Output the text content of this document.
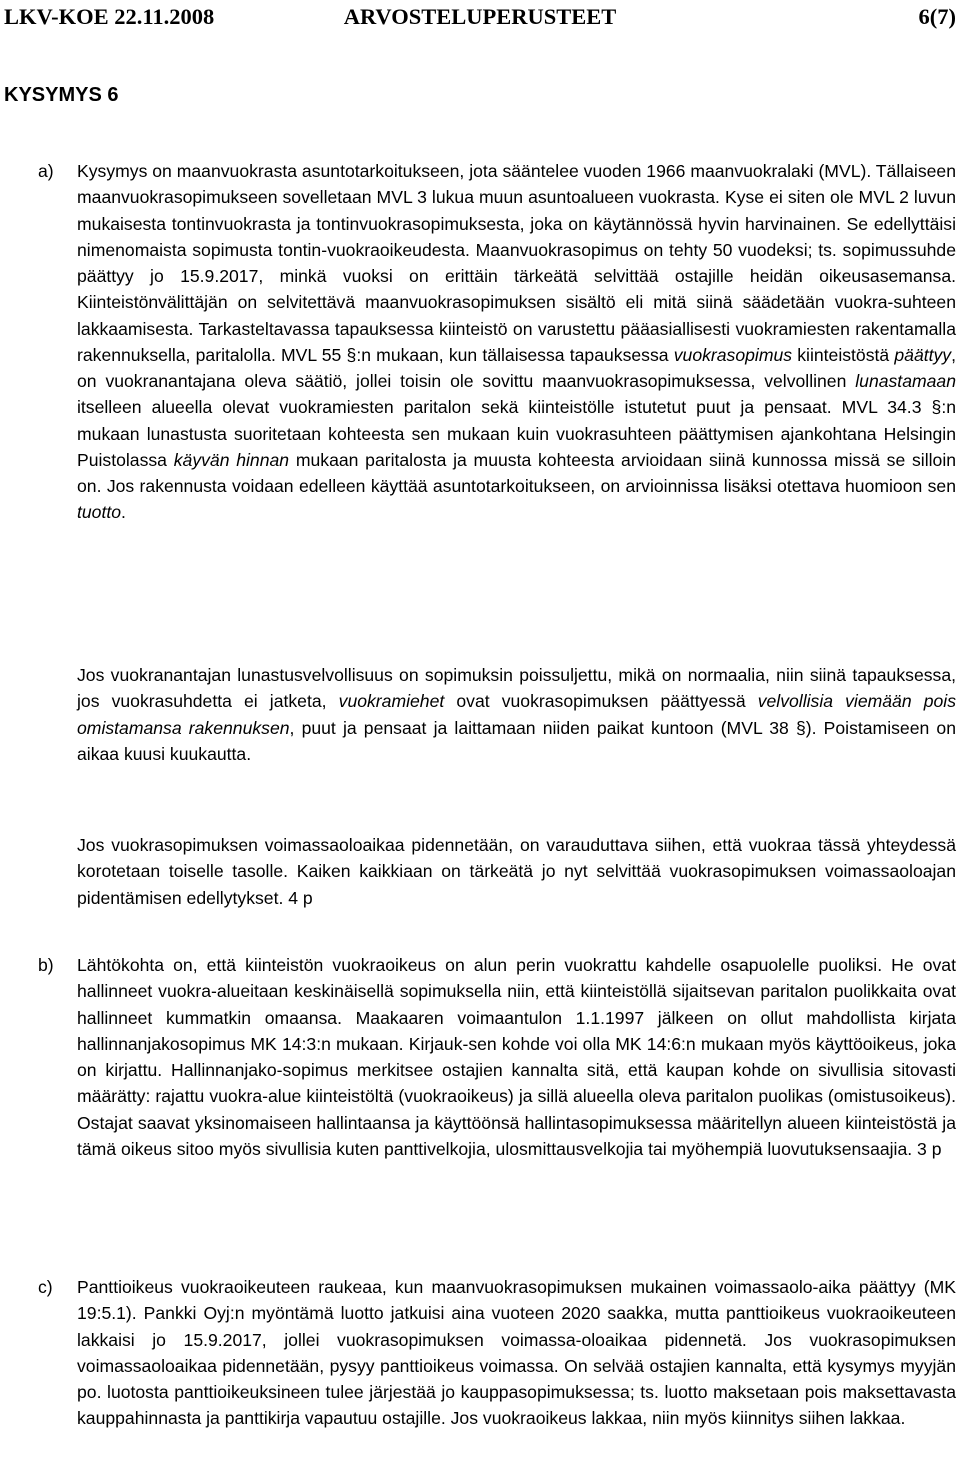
LKV-KOE 22.11.2008	ARVOSTELUPERUSTEET	6(7)
KYSYMYS 6
a) Kysymys on maanvuokrasta asuntotarkoitukseen, jota sääntelee vuoden 1966 maanvuokralaki (MVL). Tällaiseen maanvuokrasopimukseen sovelletaan MVL 3 lukua muun asuntoalueen vuokrasta. Kyse ei siten ole MVL 2 luvun mukaisesta tontinvuokrasta ja tontinvuokrasopimuksesta, joka on käytännössä hyvin harvinainen. Se edellyttäisi nimenomaista sopimusta tontin-vuokraoikeudesta. Maanvuokrasopimus on tehty 50 vuodeksi; ts. sopimussuhde päättyy jo 15.9.2017, minkä vuoksi on erittäin tärkeätä selvittää ostajille heidän oikeusasemansa. Kiinteistönvälittäjän on selvitettävä maanvuokrasopimuksen sisältö eli mitä siinä säädetään vuokra-suhteen lakkaamisesta. Tarkasteltavassa tapauksessa kiinteistö on varustettu pääasiallisesti vuokramiesten rakentamalla rakennuksella, paritalolla. MVL 55 §:n mukaan, kun tällaisessa tapauksessa vuokrasopimus kiinteistöstä päättyy, on vuokranantajana oleva säätiö, jollei toisin ole sovittu maanvuokrasopimuksessa, velvollinen lunastamaan itselleen alueella olevat vuokramiesten paritalon sekä kiinteistölle istutetut puut ja pensaat. MVL 34.3 §:n mukaan lunastusta suoritetaan kohteesta sen mukaan kuin vuokrasuhteen päättymisen ajankohtana Helsingin Puistolassa käyvän hinnan mukaan paritalosta ja muusta kohteesta arvioidaan siinä kunnossa missä se silloin on. Jos rakennusta voidaan edelleen käyttää asuntotarkoitukseen, on arvioinnissa lisäksi otettava huomioon sen tuotto.

Jos vuokranantajan lunastusvelvollisuus on sopimuksin poissuljettu, mikä on normaalia, niin siinä tapauksessa, jos vuokrasuhdetta ei jatketa, vuokramiehet ovat vuokrasopimuksen päättyessä velvollisia viemään pois omistamansa rakennuksen, puut ja pensaat ja laittamaan niiden paikat kuntoon (MVL 38 §). Poistamiseen on aikaa kuusi kuukautta.

Jos vuokrasopimuksen voimassaoloaikaa pidennetään, on varauduttava siihen, että vuokraa tässä yhteydessä korotetaan toiselle tasolle. Kaiken kaikkiaan on tärkeätä jo nyt selvittää vuokrasopimuksen voimassaoloajan pidentämisen edellytykset. 4 p

b) Lähtökohta on, että kiinteistön vuokraoikeus on alun perin vuokrattu kahdelle osapuolelle puoliksi. He ovat hallinneet vuokra-alueitaan keskinäisellä sopimuksella niin, että kiinteistöllä sijaitsevan paritalon puolikkaita ovat hallinneet kummatkin omaansa. Maakaaren voimaantulon 1.1.1997 jälkeen on ollut mahdollista kirjata hallinnanjakosopimus MK 14:3:n mukaan. Kirjauk-sen kohde voi olla MK 14:6:n mukaan myös käyttöoikeus, joka on kirjattu. Hallinnanjako-sopimus merkitsee ostajien kannalta sitä, että kaupan kohde on sivullisia sitovasti määrätty: rajattu vuokra-alue kiinteistöltä (vuokraoikeus) ja sillä alueella oleva paritalon puolikas (omistusoikeus). Ostajat saavat yksinomaiseen hallintaansa ja käyttöönsä hallintasopimuksessa määritellyn alueen kiinteistöstä ja tämä oikeus sitoo myös sivullisia kuten panttivelkojia, ulosmittausvelkojia tai myöhempiä luovutuksensaajia. 3 p

c) Panttioikeus vuokraoikeuteen raukeaa, kun maanvuokrasopimuksen mukainen voimassaolo-aika päättyy (MK 19:5.1). Pankki Oyj:n myöntämä luotto jatkuisi aina vuoteen 2020 saakka, mutta panttioikeus vuokraoikeuteen lakkaisi jo 15.9.2017, jollei vuokrasopimuksen voimassa-oloaikaa pidennetä. Jos vuokrasopimuksen voimassaoloaikaa pidennetään, pysyy panttioikeus voimassa. On selvää ostajien kannalta, että kysymys myyjän po. luotosta panttioikeuksineen tulee järjestää jo kauppasopimuksessa; ts. luotto maksetaan pois maksettavasta kauppahinnasta ja panttikirja vapautuu ostajille. Jos vuokraoikeus lakkaa, niin myös kiinnitys siihen lakkaa.
